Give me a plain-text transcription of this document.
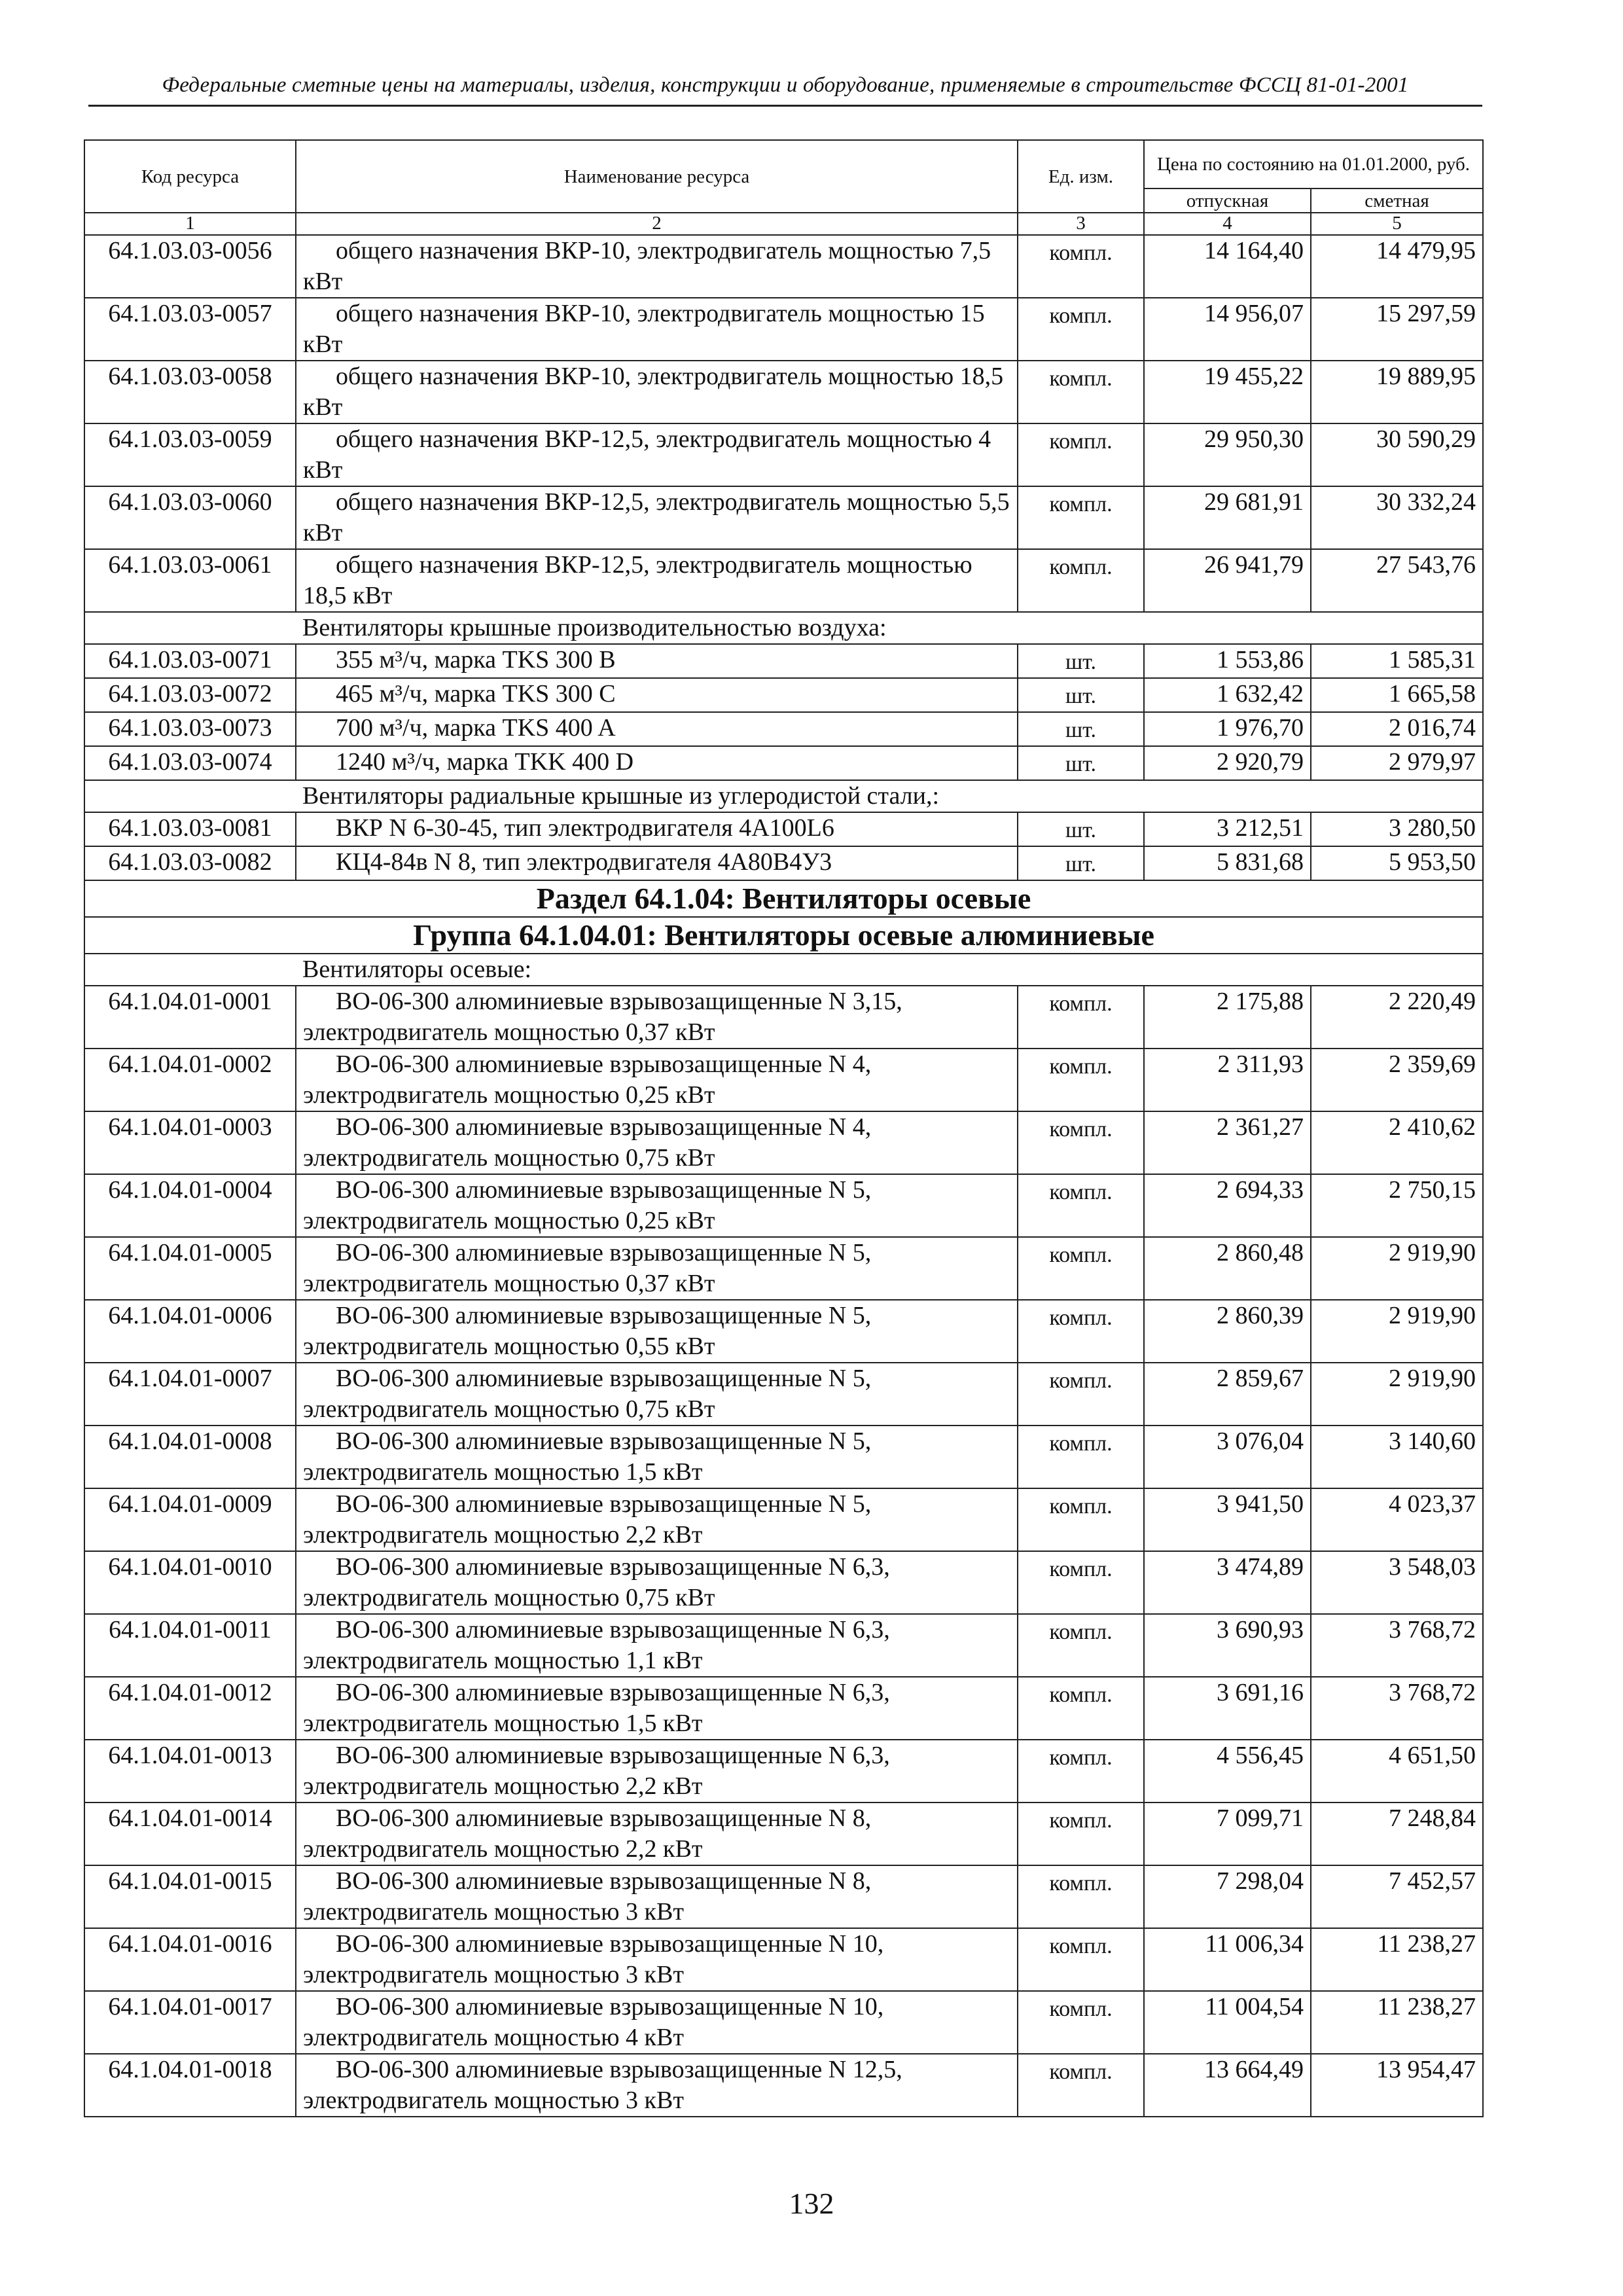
Федеральные сметные цены на материалы, изделия, конструкции и оборудование, применяемые в строительстве ФССЦ 81-01-2001
Код ресурса	Наименование ресурса	Ед. изм.	Цена по состоянию на 01.01.2000, руб.	
			отпускная	сметная
1	2	3	4	5
64.1.03.03-0056	общего назначения ВКР-10, электродвигатель мощностью 7,5 кВт	компл.	14 164,40	14 479,95
64.1.03.03-0057	общего назначения ВКР-10, электродвигатель мощностью 15 кВт	компл.	14 956,07	15 297,59
64.1.03.03-0058	общего назначения ВКР-10, электродвигатель мощностью 18,5 кВт	компл.	19 455,22	19 889,95
64.1.03.03-0059	общего назначения ВКР-12,5, электродвигатель мощностью 4 кВт	компл.	29 950,30	30 590,29
64.1.03.03-0060	общего назначения ВКР-12,5, электродвигатель мощностью 5,5 кВт	компл.	29 681,91	30 332,24
64.1.03.03-0061	общего назначения ВКР-12,5, электродвигатель мощностью 18,5 кВт	компл.	26 941,79	27 543,76
	Вентиляторы крышные производительностью воздуха:			
64.1.03.03-0071	355 м³/ч, марка TKS 300 B	шт.	1 553,86	1 585,31
64.1.03.03-0072	465 м³/ч, марка TKS 300 C	шт.	1 632,42	1 665,58
64.1.03.03-0073	700 м³/ч, марка TKS 400 A	шт.	1 976,70	2 016,74
64.1.03.03-0074	1240 м³/ч, марка TKK 400 D	шт.	2 920,79	2 979,97
	Вентиляторы радиальные крышные из углеродистой стали,:			
64.1.03.03-0081	ВКР N 6-30-45, тип электродвигателя 4А100L6	шт.	3 212,51	3 280,50
64.1.03.03-0082	КЦ4-84в N 8, тип электродвигателя 4А80В4У3	шт.	5 831,68	5 953,50
Раздел 64.1.04: Вентиляторы осевые				
Группа 64.1.04.01: Вентиляторы осевые алюминиевые				
	Вентиляторы осевые:			
64.1.04.01-0001	ВО-06-300 алюминиевые взрывозащищенные N 3,15, электродвигатель мощностью 0,37 кВт	компл.	2 175,88	2 220,49
64.1.04.01-0002	ВО-06-300 алюминиевые взрывозащищенные N 4, электродвигатель мощностью 0,25 кВт	компл.	2 311,93	2 359,69
64.1.04.01-0003	ВО-06-300 алюминиевые взрывозащищенные N 4, электродвигатель мощностью 0,75 кВт	компл.	2 361,27	2 410,62
64.1.04.01-0004	ВО-06-300 алюминиевые взрывозащищенные N 5, электродвигатель мощностью 0,25 кВт	компл.	2 694,33	2 750,15
64.1.04.01-0005	ВО-06-300 алюминиевые взрывозащищенные N 5, электродвигатель мощностью 0,37 кВт	компл.	2 860,48	2 919,90
64.1.04.01-0006	ВО-06-300 алюминиевые взрывозащищенные N 5, электродвигатель мощностью 0,55 кВт	компл.	2 860,39	2 919,90
64.1.04.01-0007	ВО-06-300 алюминиевые взрывозащищенные N 5, электродвигатель мощностью 0,75 кВт	компл.	2 859,67	2 919,90
64.1.04.01-0008	ВО-06-300 алюминиевые взрывозащищенные N 5, электродвигатель мощностью 1,5 кВт	компл.	3 076,04	3 140,60
64.1.04.01-0009	ВО-06-300 алюминиевые взрывозащищенные N 5, электродвигатель мощностью 2,2 кВт	компл.	3 941,50	4 023,37
64.1.04.01-0010	ВО-06-300 алюминиевые взрывозащищенные N 6,3, электродвигатель мощностью 0,75 кВт	компл.	3 474,89	3 548,03
64.1.04.01-0011	ВО-06-300 алюминиевые взрывозащищенные N 6,3, электродвигатель мощностью 1,1 кВт	компл.	3 690,93	3 768,72
64.1.04.01-0012	ВО-06-300 алюминиевые взрывозащищенные N 6,3, электродвигатель мощностью 1,5 кВт	компл.	3 691,16	3 768,72
64.1.04.01-0013	ВО-06-300 алюминиевые взрывозащищенные N 6,3, электродвигатель мощностью 2,2 кВт	компл.	4 556,45	4 651,50
64.1.04.01-0014	ВО-06-300 алюминиевые взрывозащищенные N 8, электродвигатель мощностью 2,2 кВт	компл.	7 099,71	7 248,84
64.1.04.01-0015	ВО-06-300 алюминиевые взрывозащищенные N 8, электродвигатель мощностью 3 кВт	компл.	7 298,04	7 452,57
64.1.04.01-0016	ВО-06-300 алюминиевые взрывозащищенные N 10, электродвигатель мощностью 3 кВт	компл.	11 006,34	11 238,27
64.1.04.01-0017	ВО-06-300 алюминиевые взрывозащищенные N 10, электродвигатель мощностью 4 кВт	компл.	11 004,54	11 238,27
64.1.04.01-0018	ВО-06-300 алюминиевые взрывозащищенные N 12,5, электродвигатель мощностью 3 кВт	компл.	13 664,49	13 954,47
132
